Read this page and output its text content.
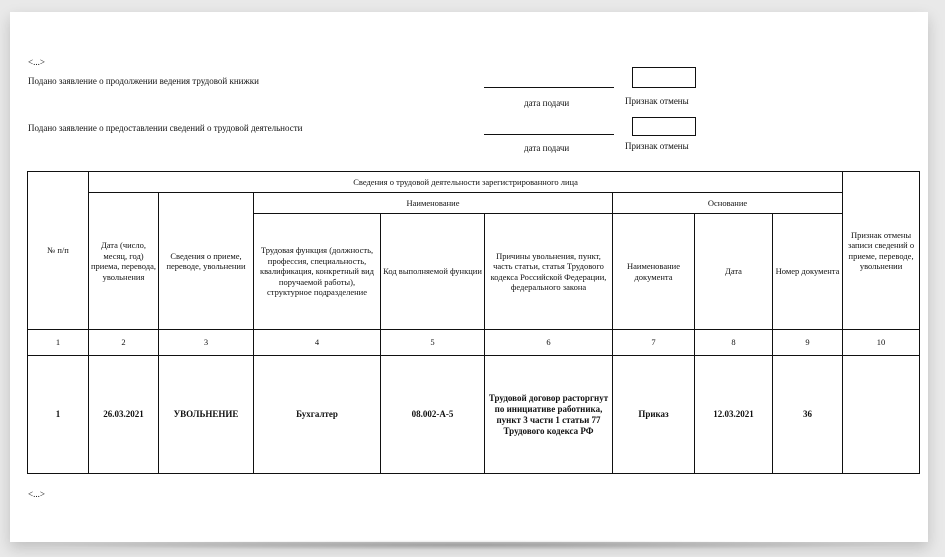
<...>
Подано заявление о продолжении ведения трудовой книжки
дата подачи	Признак отмены
Подано заявление о предоставлении сведений о трудовой деятельности
дата подачи	Признак отмены
№ п/п	Сведения о трудовой деятельности зарегистрированного лица								Признак отмены записи сведений о приеме, переводе, увольнении
	Дата (число, месяц, год) приема, перевода, увольнения	Сведения о приеме, переводе, увольнении	Наименование			Основание			
			Трудовая функция (должность, профессия, специальность, квалификация, конкретный вид поручаемой работы), структурное подразделение	Код выполняемой функции	Причины увольнения, пункт, часть статьи, статья Трудового кодекса Российской Федерации, федерального закона	Наименование документа	Дата	Номер документа	
1	2	3	4	5	6	7	8	9	10
1	26.03.2021	УВОЛЬНЕНИЕ	Бухгалтер	08.002-А-5	Трудовой договор расторгнут по инициативе работника, пункт 3 части 1 статьи 77 Трудового кодекса РФ	Приказ	12.03.2021	36	
<...>
